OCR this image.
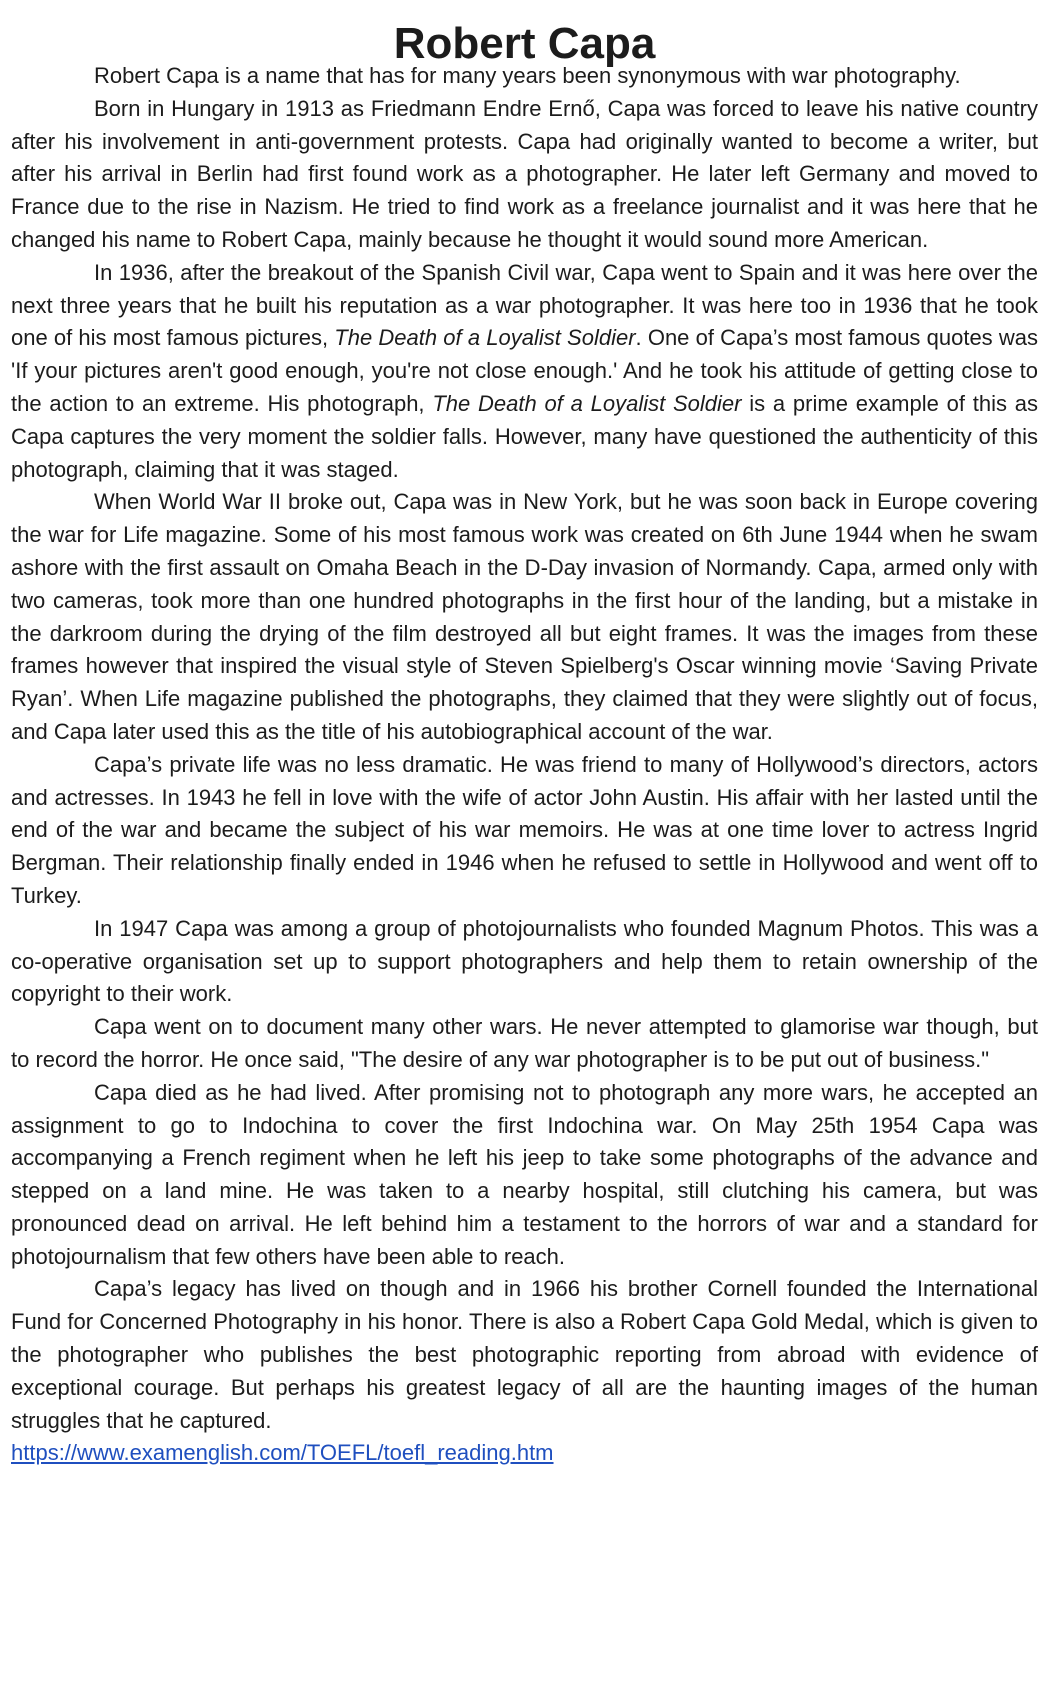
Robert Capa

Robert Capa is a name that has for many years been synonymous with war photography.

Born in Hungary in 1913 as Friedmann Endre Ernő, Capa was forced to leave his native country after his involvement in anti-government protests. Capa had originally wanted to become a writer, but after his arrival in Berlin had first found work as a photographer. He later left Germany and moved to France due to the rise in Nazism. He tried to find work as a freelance journalist and it was here that he changed his name to Robert Capa, mainly because he thought it would sound more American.

In 1936, after the breakout of the Spanish Civil war, Capa went to Spain and it was here over the next three years that he built his reputation as a war photographer. It was here too in 1936 that he took one of his most famous pictures, The Death of a Loyalist Soldier. One of Capa’s most famous quotes was 'If your pictures aren't good enough, you're not close enough.' And he took his attitude of getting close to the action to an extreme. His photograph, The Death of a Loyalist Soldier is a prime example of this as Capa captures the very moment the soldier falls. However, many have questioned the authenticity of this photograph, claiming that it was staged.

When World War II broke out, Capa was in New York, but he was soon back in Europe covering the war for Life magazine. Some of his most famous work was created on 6th June 1944 when he swam ashore with the first assault on Omaha Beach in the D-Day invasion of Normandy. Capa, armed only with two cameras, took more than one hundred photographs in the first hour of the landing, but a mistake in the darkroom during the drying of the film destroyed all but eight frames. It was the images from these frames however that inspired the visual style of Steven Spielberg's Oscar winning movie ‘Saving Private Ryan’. When Life magazine published the photographs, they claimed that they were slightly out of focus, and Capa later used this as the title of his autobiographical account of the war.

Capa’s private life was no less dramatic. He was friend to many of Hollywood’s directors, actors and actresses. In 1943 he fell in love with the wife of actor John Austin. His affair with her lasted until the end of the war and became the subject of his war memoirs. He was at one time lover to actress Ingrid Bergman. Their relationship finally ended in 1946 when he refused to settle in Hollywood and went off to Turkey.

In 1947 Capa was among a group of photojournalists who founded Magnum Photos. This was a co-operative organisation set up to support photographers and help them to retain ownership of the copyright to their work.

Capa went on to document many other wars. He never attempted to glamorise war though, but to record the horror. He once said, "The desire of any war photographer is to be put out of business."

Capa died as he had lived. After promising not to photograph any more wars, he accepted an assignment to go to Indochina to cover the first Indochina war. On May 25th 1954 Capa was accompanying a French regiment when he left his jeep to take some photographs of the advance and stepped on a land mine. He was taken to a nearby hospital, still clutching his camera, but was pronounced dead on arrival. He left behind him a testament to the horrors of war and a standard for photojournalism that few others have been able to reach.

Capa’s legacy has lived on though and in 1966 his brother Cornell founded the International Fund for Concerned Photography in his honor. There is also a Robert Capa Gold Medal, which is given to the photographer who publishes the best photographic reporting from abroad with evidence of exceptional courage. But perhaps his greatest legacy of all are the haunting images of the human struggles that he captured.

https://www.examenglish.com/TOEFL/toefl_reading.htm
